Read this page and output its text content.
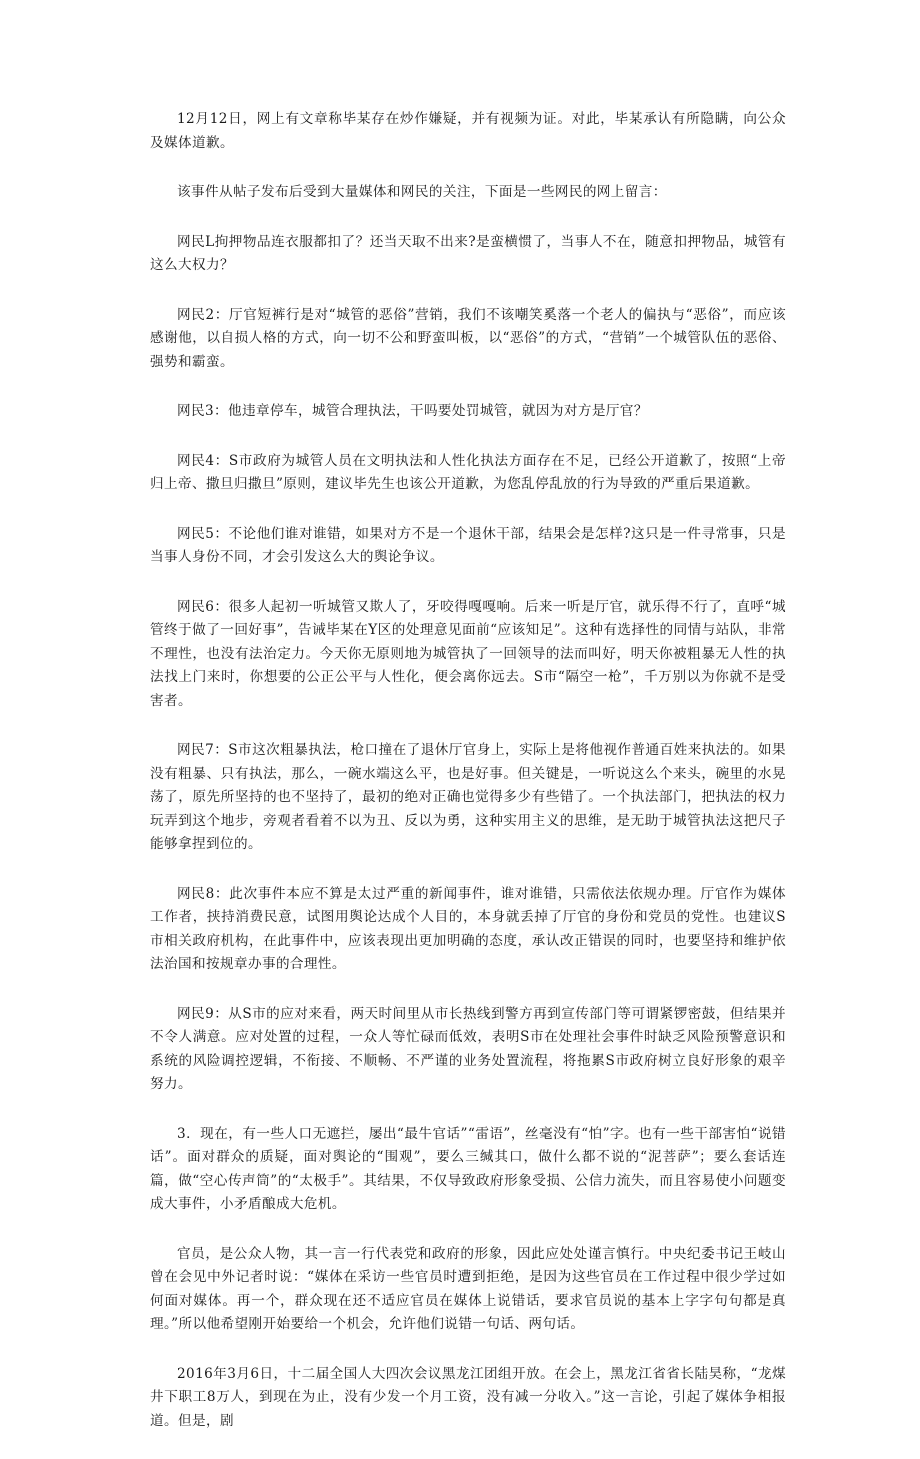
12月12日，网上有文章称毕某存在炒作嫌疑，并有视频为证。对此，毕某承认有所隐瞒，向公众及媒体道歉。

该事件从帖子发布后受到大量媒体和网民的关注，下面是一些网民的网上留言：

网民L拘押物品连衣服都扣了？还当天取不出来?是蛮横惯了，当事人不在，随意扣押物品，城管有这么大权力？

网民2：厅官短裤行是对“城管的恶俗”营销，我们不该嘲笑奚落一个老人的偏执与“恶俗”，而应该感谢他，以自损人格的方式，向一切不公和野蛮叫板，以“恶俗”的方式，“营销”一个城管队伍的恶俗、强势和霸蛮。

网民3：他违章停车，城管合理执法，干吗要处罚城管，就因为对方是厅官？

网民4：S市政府为城管人员在文明执法和人性化执法方面存在不足，已经公开道歉了，按照“上帝归上帝、撒旦归撒旦”原则，建议毕先生也该公开道歉，为您乱停乱放的行为导致的严重后果道歉。

网民5：不论他们谁对谁错，如果对方不是一个退休干部，结果会是怎样?这只是一件寻常事，只是当事人身份不同，才会引发这么大的舆论争议。

网民6：很多人起初一听城管又欺人了，牙咬得嘎嘎响。后来一听是厅官，就乐得不行了，直呼“城管终于做了一回好事”，告诫毕某在Y区的处理意见面前“应该知足”。这种有选择性的同情与站队，非常不理性，也没有法治定力。今天你无原则地为城管执了一回领导的法而叫好，明天你被粗暴无人性的执法找上门来时，你想要的公正公平与人性化，便会离你远去。S市“隔空一枪”，千万别以为你就不是受害者。

网民7：S市这次粗暴执法，枪口撞在了退休厅官身上，实际上是将他视作普通百姓来执法的。如果没有粗暴、只有执法，那么，一碗水端这么平，也是好事。但关键是，一听说这么个来头，碗里的水晃荡了，原先所坚持的也不坚持了，最初的绝对正确也觉得多少有些错了。一个执法部门，把执法的权力玩弄到这个地步，旁观者看着不以为丑、反以为勇，这种实用主义的思维，是无助于城管执法这把尺子能够拿捏到位的。

网民8：此次事件本应不算是太过严重的新闻事件，谁对谁错，只需依法依规办理。厅官作为媒体工作者，挟持消费民意，试图用舆论达成个人目的，本身就丢掉了厅官的身份和党员的党性。也建议S市相关政府机构，在此事件中，应该表现出更加明确的态度，承认改正错误的同时，也要坚持和维护依法治国和按规章办事的合理性。

网民9：从S市的应对来看，两天时间里从市长热线到警方再到宣传部门等可谓紧锣密鼓，但结果并不令人满意。应对处置的过程，一众人等忙碌而低效，表明S市在处理社会事件时缺乏风险预警意识和系统的风险调控逻辑，不衔接、不顺畅、不严谨的业务处置流程，将拖累S市政府树立良好形象的艰辛努力。

3．现在，有一些人口无遮拦，屡出“最牛官话”“雷语”，丝毫没有“怕”字。也有一些干部害怕“说错话”。面对群众的质疑，面对舆论的“围观”，要么三缄其口，做什么都不说的“泥菩萨”；要么套话连篇，做“空心传声筒”的“太极手”。其结果，不仅导致政府形象受损、公信力流失，而且容易使小问题变成大事件，小矛盾酿成大危机。

官员，是公众人物，其一言一行代表党和政府的形象，因此应处处谨言慎行。中央纪委书记王岐山曾在会见中外记者时说：“媒体在采访一些官员时遭到拒绝，是因为这些官员在工作过程中很少学过如何面对媒体。再一个，群众现在还不适应官员在媒体上说错话，要求官员说的基本上字字句句都是真理。”所以他希望刚开始要给一个机会，允许他们说错一句话、两句话。

2016年3月6日，十二届全国人大四次会议黑龙江团组开放。在会上，黑龙江省省长陆昊称，“龙煤井下职工8万人，到现在为止，没有少发一个月工资，没有减一分收入。”这一言论，引起了媒体争相报道。但是，剧
